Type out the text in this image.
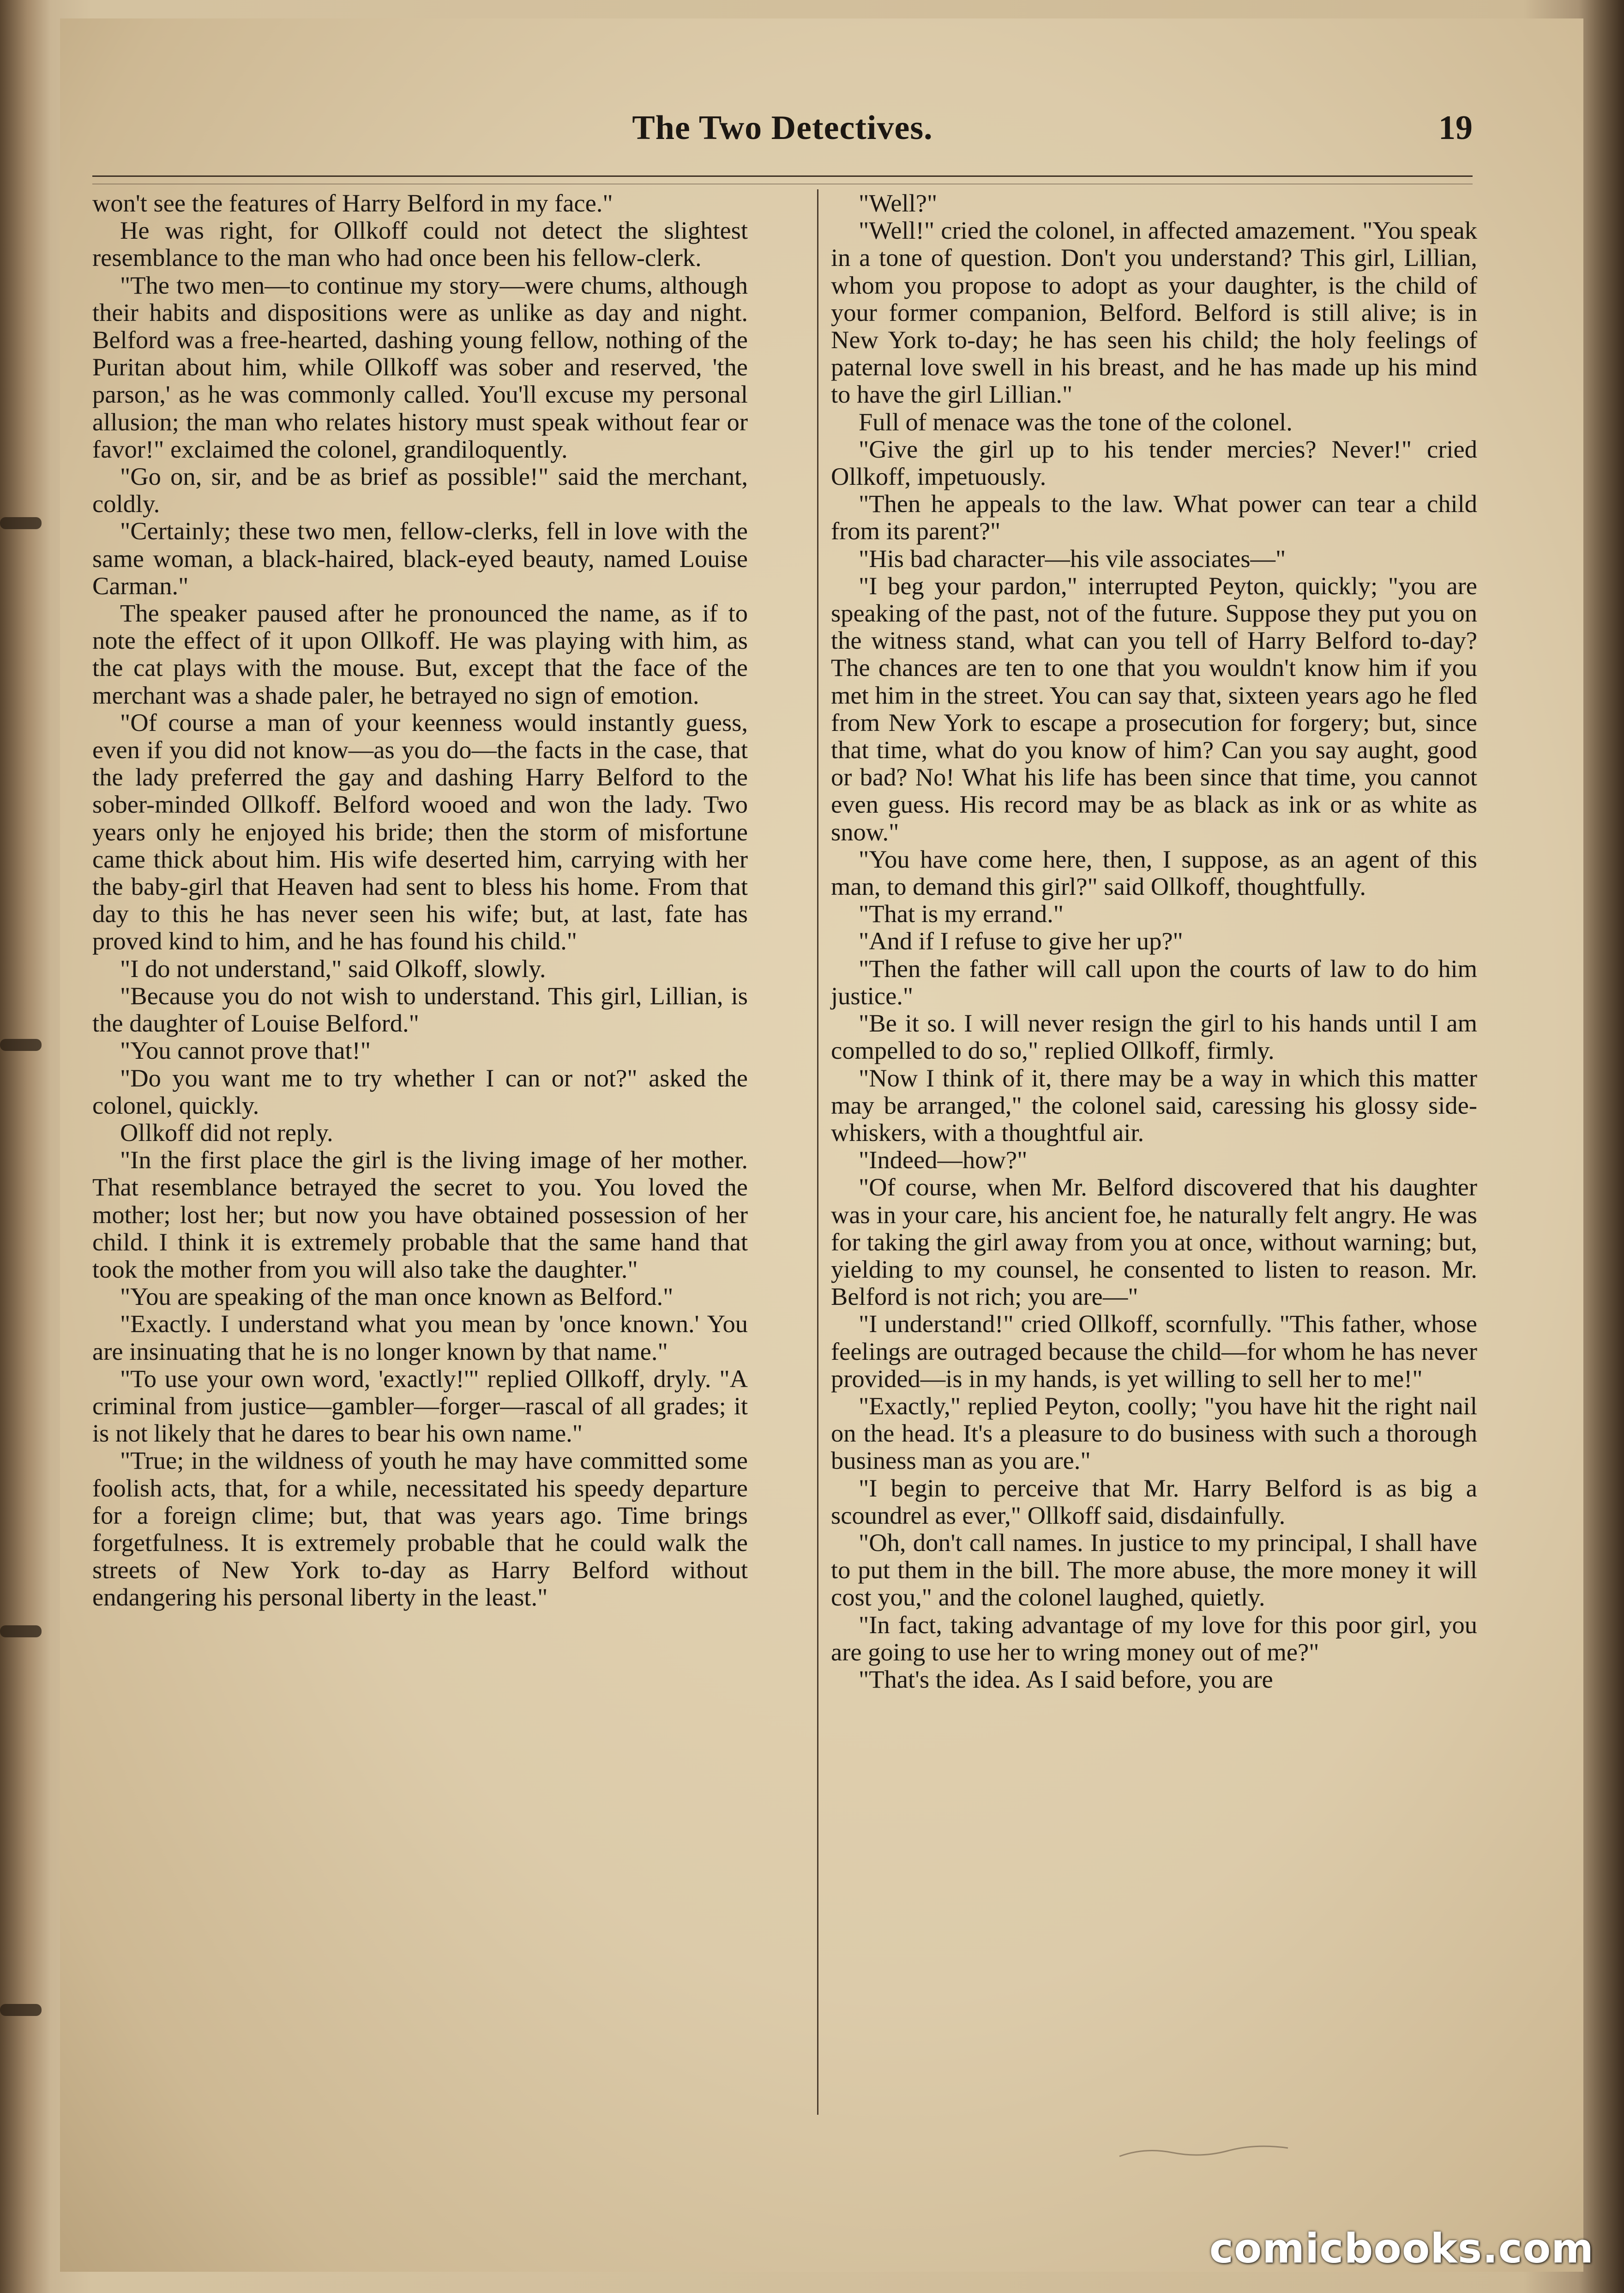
The Two Detectives.	19

won't see the features of Harry Belford in my face."

He was right, for Ollkoff could not detect the slightest resemblance to the man who had once been his fellow-clerk.

"The two men—to continue my story—were chums, although their habits and dispositions were as unlike as day and night. Belford was a free-hearted, dashing young fellow, nothing of the Puritan about him, while Ollkoff was sober and reserved, 'the parson,' as he was commonly called. You'll excuse my personal allusion; the man who relates history must speak without fear or favor!" exclaimed the colonel, grandiloquently.

"Go on, sir, and be as brief as possible!" said the merchant, coldly.

"Certainly; these two men, fellow-clerks, fell in love with the same woman, a black-haired, black-eyed beauty, named Louise Carman."

The speaker paused after he pronounced the name, as if to note the effect of it upon Ollkoff. He was playing with him, as the cat plays with the mouse. But, except that the face of the merchant was a shade paler, he betrayed no sign of emotion.

"Of course a man of your keenness would instantly guess, even if you did not know—as you do—the facts in the case, that the lady preferred the gay and dashing Harry Belford to the sober-minded Ollkoff. Belford wooed and won the lady. Two years only he enjoyed his bride; then the storm of misfortune came thick about him. His wife deserted him, carrying with her the baby-girl that Heaven had sent to bless his home. From that day to this he has never seen his wife; but, at last, fate has proved kind to him, and he has found his child."

"I do not understand," said Olkoff, slowly.

"Because you do not wish to understand. This girl, Lillian, is the daughter of Louise Belford."

"You cannot prove that!"

"Do you want me to try whether I can or not?" asked the colonel, quickly.

Ollkoff did not reply.

"In the first place the girl is the living image of her mother. That resemblance betrayed the secret to you. You loved the mother; lost her; but now you have obtained possession of her child. I think it is extremely probable that the same hand that took the mother from you will also take the daughter."

"You are speaking of the man once known as Belford."

"Exactly. I understand what you mean by 'once known.' You are insinuating that he is no longer known by that name."

"To use your own word, 'exactly!'" replied Ollkoff, dryly. "A criminal from justice—gambler—forger—rascal of all grades; it is not likely that he dares to bear his own name."

"True; in the wildness of youth he may have committed some foolish acts, that, for a while, necessitated his speedy departure for a foreign clime; but, that was years ago. Time brings forgetfulness. It is extremely probable that he could walk the streets of New York to-day as Harry Belford without endangering his personal liberty in the least."

"Well?"

"Well!" cried the colonel, in affected amazement. "You speak in a tone of question. Don't you understand? This girl, Lillian, whom you propose to adopt as your daughter, is the child of your former companion, Belford. Belford is still alive; is in New York to-day; he has seen his child; the holy feelings of paternal love swell in his breast, and he has made up his mind to have the girl Lillian."

Full of menace was the tone of the colonel.

"Give the girl up to his tender mercies? Never!" cried Ollkoff, impetuously.

"Then he appeals to the law. What power can tear a child from its parent?"

"His bad character—his vile associates—"

"I beg your pardon," interrupted Peyton, quickly; "you are speaking of the past, not of the future. Suppose they put you on the witness stand, what can you tell of Harry Belford to-day? The chances are ten to one that you wouldn't know him if you met him in the street. You can say that, sixteen years ago he fled from New York to escape a prosecution for forgery; but, since that time, what do you know of him? Can you say aught, good or bad? No! What his life has been since that time, you cannot even guess. His record may be as black as ink or as white as snow."

"You have come here, then, I suppose, as an agent of this man, to demand this girl?" said Ollkoff, thoughtfully.

"That is my errand."

"And if I refuse to give her up?"

"Then the father will call upon the courts of law to do him justice."

"Be it so. I will never resign the girl to his hands until I am compelled to do so," replied Ollkoff, firmly.

"Now I think of it, there may be a way in which this matter may be arranged," the colonel said, caressing his glossy side-whiskers, with a thoughtful air.

"Indeed—how?"

"Of course, when Mr. Belford discovered that his daughter was in your care, his ancient foe, he naturally felt angry. He was for taking the girl away from you at once, without warning; but, yielding to my counsel, he consented to listen to reason. Mr. Belford is not rich; you are—"

"I understand!" cried Ollkoff, scornfully. "This father, whose feelings are outraged because the child—for whom he has never provided—is in my hands, is yet willing to sell her to me!"

"Exactly," replied Peyton, coolly; "you have hit the right nail on the head. It's a pleasure to do business with such a thorough business man as you are."

"I begin to perceive that Mr. Harry Belford is as big a scoundrel as ever," Ollkoff said, disdainfully.

"Oh, don't call names. In justice to my principal, I shall have to put them in the bill. The more abuse, the more money it will cost you," and the colonel laughed, quietly.

"In fact, taking advantage of my love for this poor girl, you are going to use her to wring money out of me?"

"That's the idea. As I said before, you are

comicbooks.com
